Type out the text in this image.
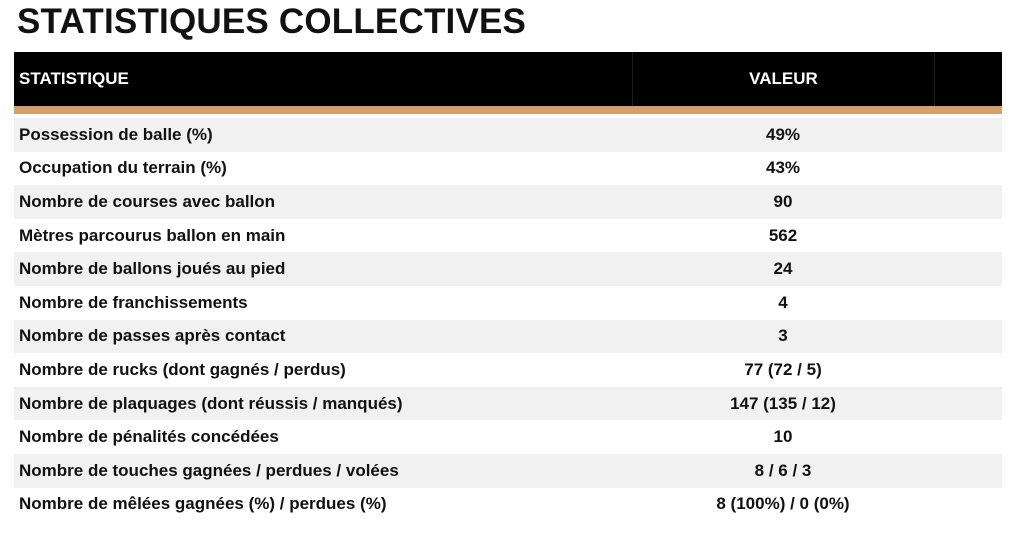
STATISTIQUES COLLECTIVES
STATISTIQUE	VALEUR
Possession de balle (%)	49%
Occupation du terrain (%)	43%
Nombre de courses avec ballon	90
Mètres parcourus ballon en main	562
Nombre de ballons joués au pied	24
Nombre de franchissements	4
Nombre de passes après contact	3
Nombre de rucks (dont gagnés / perdus)	77 (72 / 5)
Nombre de plaquages (dont réussis / manqués)	147 (135 / 12)
Nombre de pénalités concédées	10
Nombre de touches gagnées / perdues / volées	8 / 6 / 3
Nombre de mêlées gagnées (%) / perdues (%)	8 (100%) / 0 (0%)
